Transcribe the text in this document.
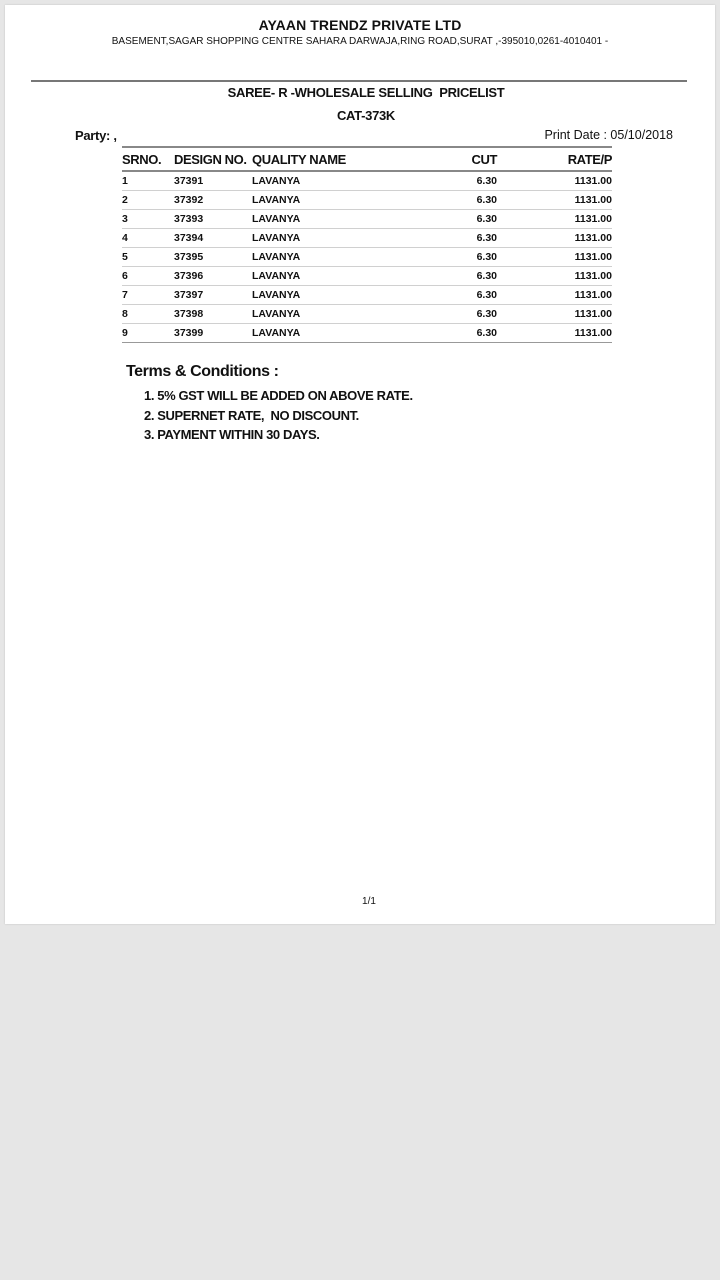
AYAAN TRENDZ PRIVATE LTD
BASEMENT,SAGAR SHOPPING CENTRE SAHARA DARWAJA,RING ROAD,SURAT ,-395010,0261-4010401 -
SAREE- R -WHOLESALE SELLING  PRICELIST
CAT-373K
Party: ,	Print Date : 05/10/2018
SRNO.	DESIGN NO.	QUALITY NAME	CUT	RATE/P
1	37391	LAVANYA	6.30	1131.00
2	37392	LAVANYA	6.30	1131.00
3	37393	LAVANYA	6.30	1131.00
4	37394	LAVANYA	6.30	1131.00
5	37395	LAVANYA	6.30	1131.00
6	37396	LAVANYA	6.30	1131.00
7	37397	LAVANYA	6.30	1131.00
8	37398	LAVANYA	6.30	1131.00
9	37399	LAVANYA	6.30	1131.00
Terms & Conditions :
1. 5% GST WILL BE ADDED ON ABOVE RATE.
2. SUPERNET RATE,  NO DISCOUNT.
3. PAYMENT WITHIN 30 DAYS.
1/1
